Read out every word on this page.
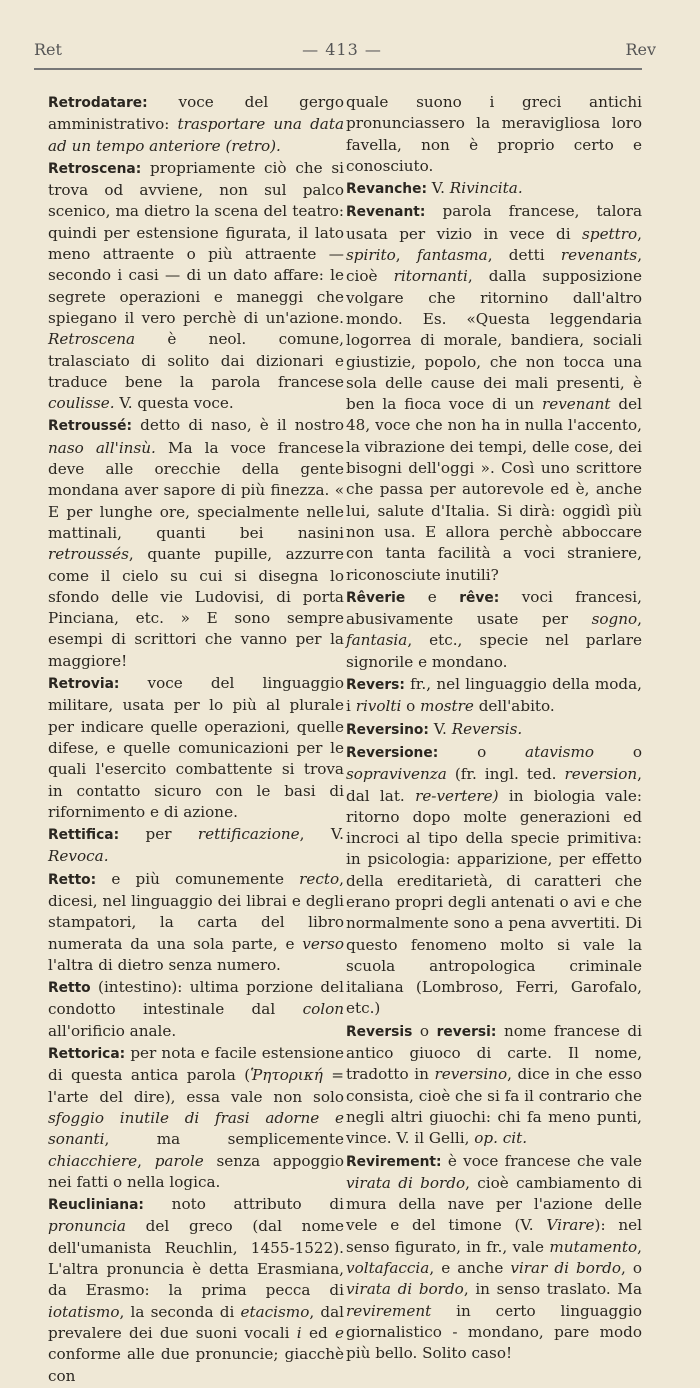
Ret	— 413 —	Rev

Retrodatare: voce del gergo amministrativo: trasportare una data ad un tempo anteriore (retro).

Retroscena: propriamente ciò che si trova od avviene, non sul palco scenico, ma dietro la scena del teatro: quindi per estensione figurata, il lato meno attraente o più attraente — secondo i casi — di un dato affare: le segrete operazioni e maneggi che spiegano il vero perchè di un'azione. Retroscena è neol. comune, tralasciato di solito dai dizionari e traduce bene la parola francese coulisse. V. questa voce.

Retroussé: detto di naso, è il nostro naso all'insù. Ma la voce francese deve alle orecchie della gente mondana aver sapore di più finezza. « E per lunghe ore, specialmente nelle mattinali, quanti bei nasini retroussés, quante pupille, azzurre come il cielo su cui si disegna lo sfondo delle vie Ludovisi, di porta Pinciana, etc. » E sono sempre esempi di scrittori che vanno per la maggiore!

Retrovia: voce del linguaggio militare, usata per lo più al plurale per indicare quelle operazioni, quelle difese, e quelle comunicazioni per le quali l'esercito combattente si trova in contatto sicuro con le basi di rifornimento e di azione.

Rettifica: per rettificazione, V. Revoca.

Retto: e più comunemente recto, dicesi, nel linguaggio dei librai e degli stampatori, la carta del libro numerata da una sola parte, e verso l'altra di dietro senza numero.

Retto (intestino): ultima porzione del condotto intestinale dal colon all'orificio anale.

Rettorica: per nota e facile estensione di questa antica parola (Ῥητορική = l'arte del dire), essa vale non solo sfoggio inutile di frasi adorne e sonanti, ma semplicemente chiacchiere, parole senza appoggio nei fatti o nella logica.

Reucliniana: noto attributo di pronuncia del greco (dal nome dell'umanista Reuchlin, 1455-1522). L'altra pronuncia è detta Erasmiana, da Erasmo: la prima pecca di iotatismo, la seconda di etacismo, dal prevalere dei due suoni vocali i ed e conforme alle due pronuncie; giacchè con

quale suono i greci antichi pronunciassero la meravigliosa loro favella, non è proprio certo e conosciuto.

Revanche: V. Rivincita.

Revenant: parola francese, talora usata per vizio in vece di spettro, spirito, fantasma, detti revenants, cioè ritornanti, dalla supposizione volgare che ritornino dall'altro mondo. Es. «Questa leggendaria logorrea di morale, bandiera, sociali giustizie, popolo, che non tocca una sola delle cause dei mali presenti, è ben la fioca voce di un revenant del 48, voce che non ha in nulla l'accento, la vibrazione dei tempi, delle cose, dei bisogni dell'oggi ». Così uno scrittore che passa per autorevole ed è, anche lui, salute d'Italia. Si dirà: oggidì più non usa. E allora perchè abboccare con tanta facilità a voci straniere, riconosciute inutili?

Rêverie e rêve: voci francesi, abusivamente usate per sogno, fantasia, etc., specie nel parlare signorile e mondano.

Revers: fr., nel linguaggio della moda, i rivolti o mostre dell'abito.

Reversino: V. Reversis.

Reversione: o atavismo o sopravivenza (fr. ingl. ted. reversion, dal lat. re-vertere) in biologia vale: ritorno dopo molte generazioni ed incroci al tipo della specie primitiva: in psicologia: apparizione, per effetto della ereditarietà, di caratteri che erano propri degli antenati o avi e che normalmente sono a pena avvertiti. Di questo fenomeno molto si vale la scuola antropologica criminale italiana (Lombroso, Ferri, Garofalo, etc.)

Reversis o reversi: nome francese di antico giuoco di carte. Il nome, tradotto in reversino, dice in che esso consista, cioè che si fa il contrario che negli altri giuochi: chi fa meno punti, vince. V. il Gelli, op. cit.

Revirement: è voce francese che vale virata di bordo, cioè cambiamento di mura della nave per l'azione delle vele e del timone (V. Virare): nel senso figurato, in fr., vale mutamento, voltafaccia, e anche virar di bordo, o virata di bordo, in senso traslato. Ma revirement in certo linguaggio giornalistico - mondano, pare modo più bello. Solito caso!
